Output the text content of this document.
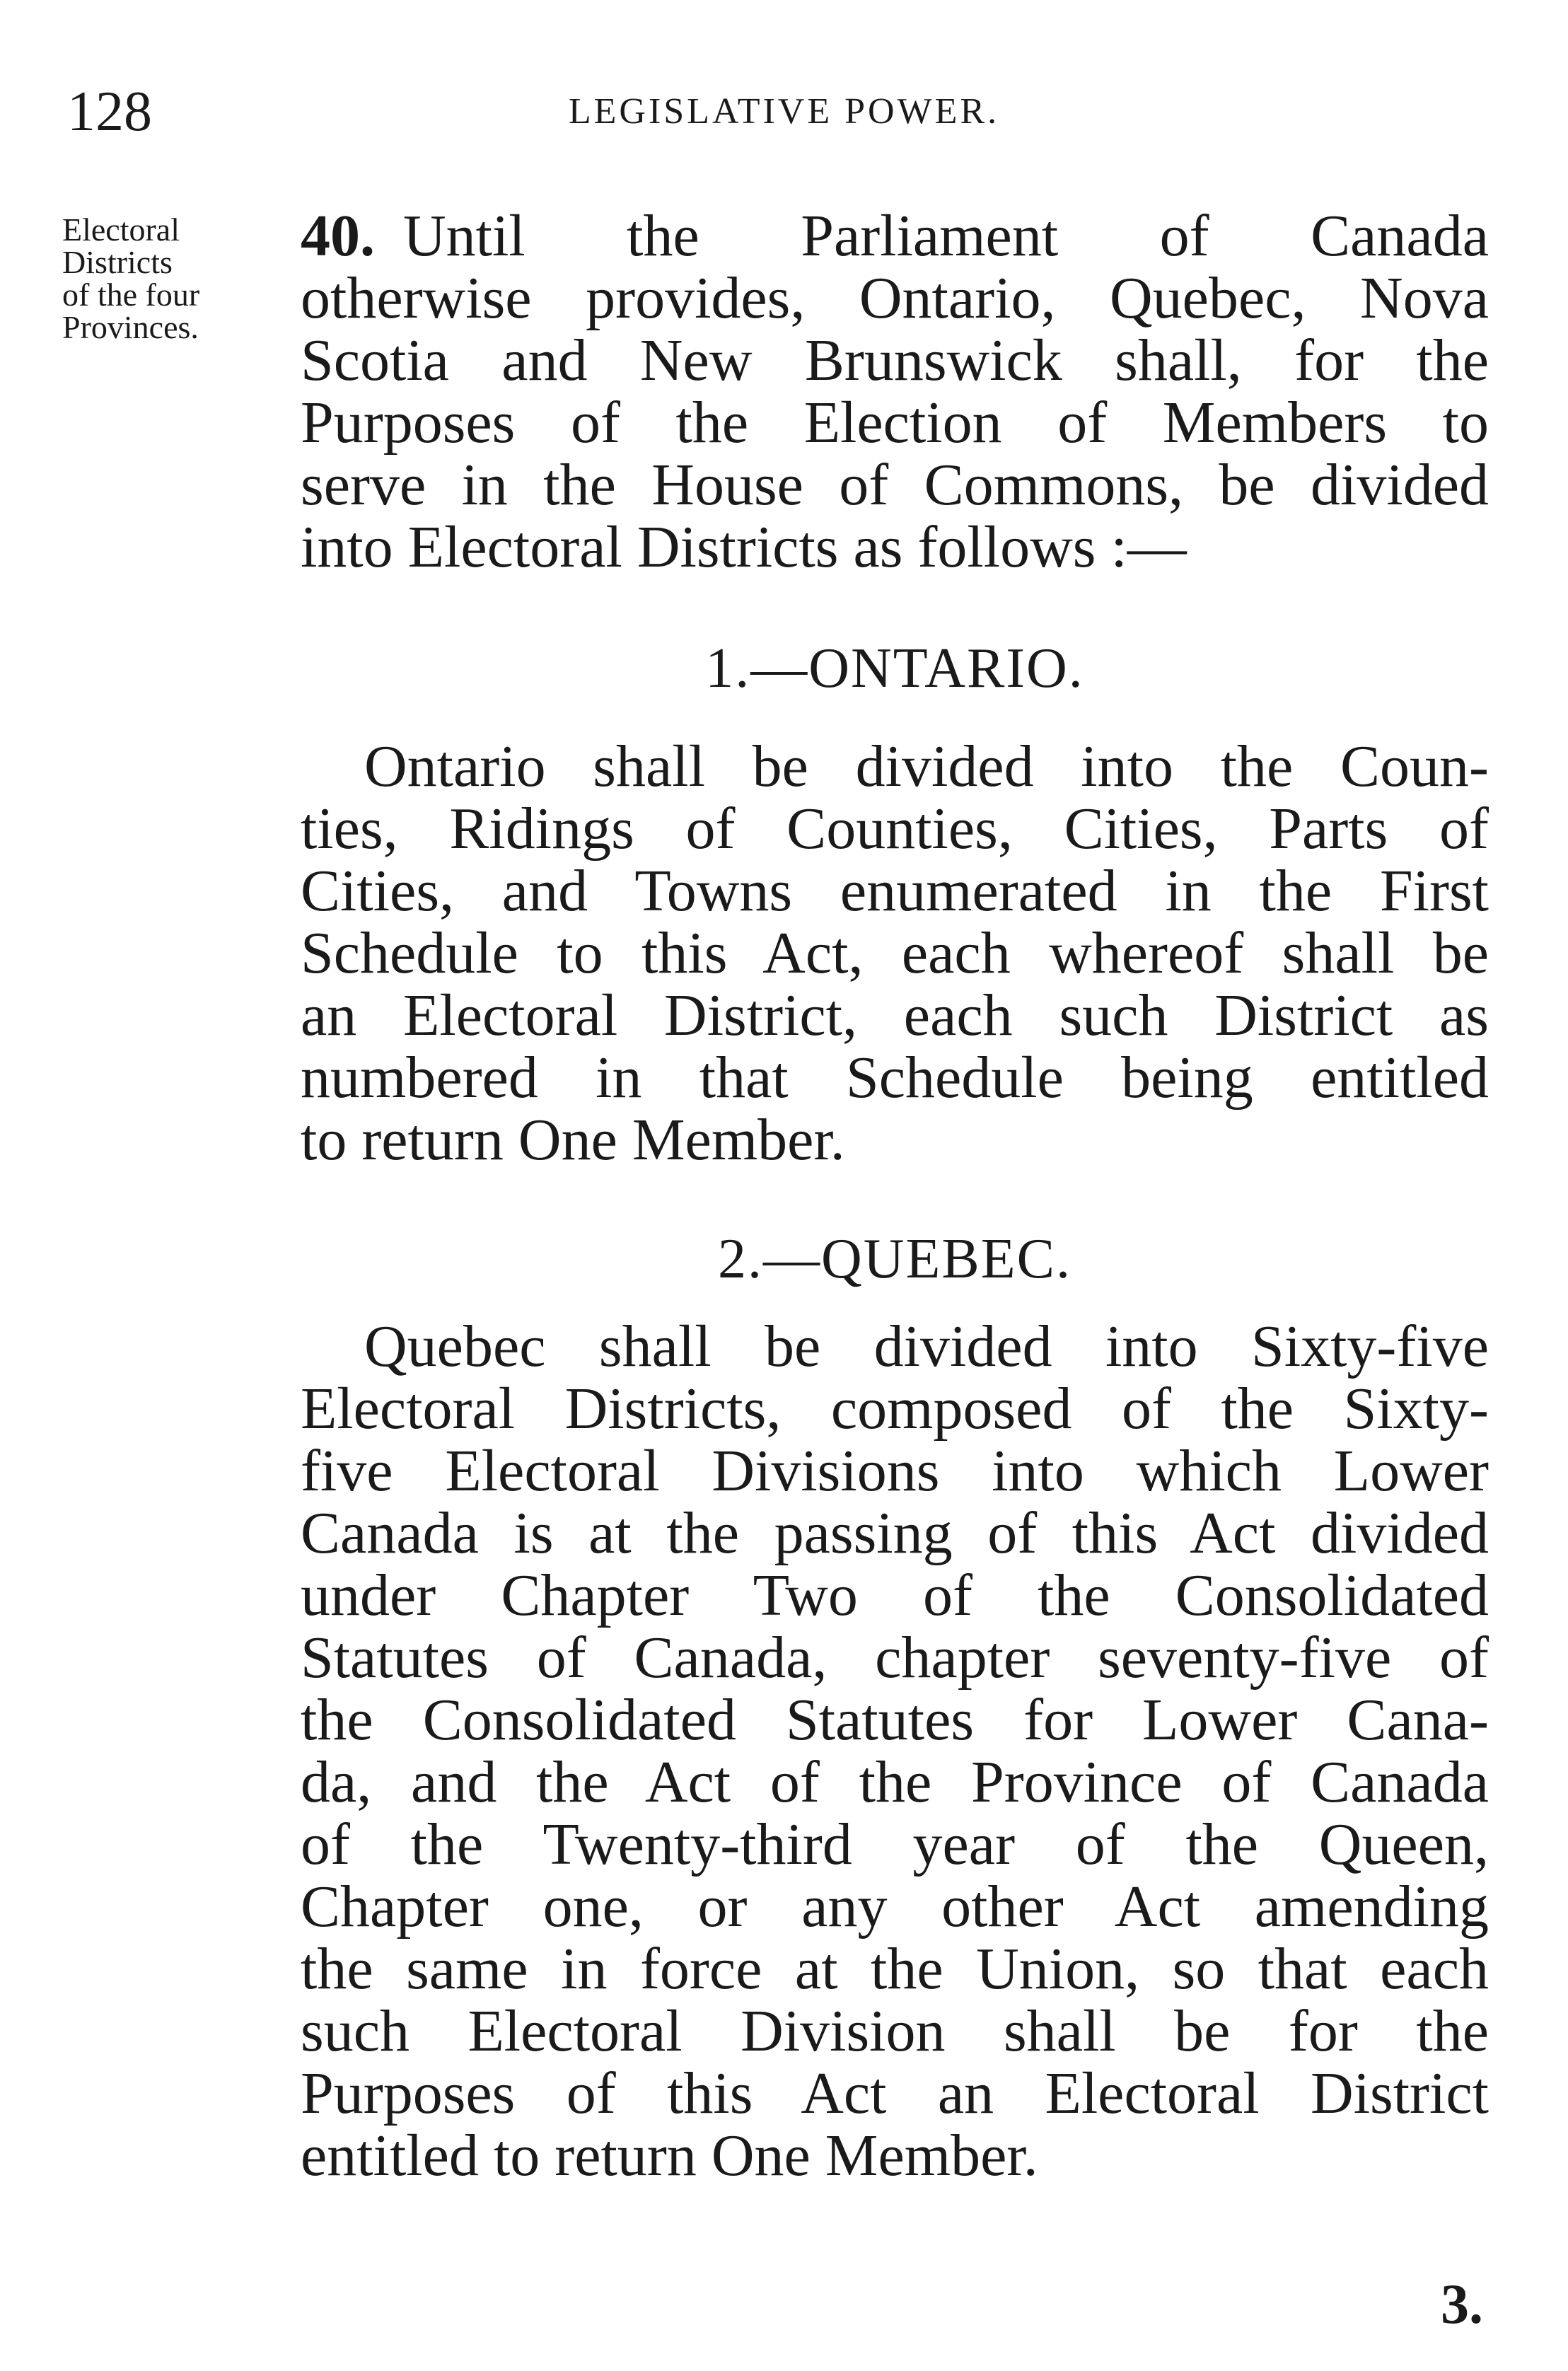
128	LEGISLATIVE POWER.
Electoral
Districts
of the four
Provinces.
40. Until the Parliament of Canada
otherwise provides, Ontario, Quebec, Nova
Scotia and New Brunswick shall, for the
Purposes of the Election of Members to
serve in the House of Commons, be divided
into Electoral Districts as follows :—
1.—ONTARIO.
Ontario shall be divided into the Coun-
ties, Ridings of Counties, Cities, Parts of
Cities, and Towns enumerated in the First
Schedule to this Act, each whereof shall be
an Electoral District, each such District as
numbered in that Schedule being entitled
to return One Member.
2.—QUEBEC.
Quebec shall be divided into Sixty-five
Electoral Districts, composed of the Sixty-
five Electoral Divisions into which Lower
Canada is at the passing of this Act divided
under Chapter Two of the Consolidated
Statutes of Canada, chapter seventy-five of
the Consolidated Statutes for Lower Cana-
da, and the Act of the Province of Canada
of the Twenty-third year of the Queen,
Chapter one, or any other Act amending
the same in force at the Union, so that each
such Electoral Division shall be for the
Purposes of this Act an Electoral District
entitled to return One Member.
3.
